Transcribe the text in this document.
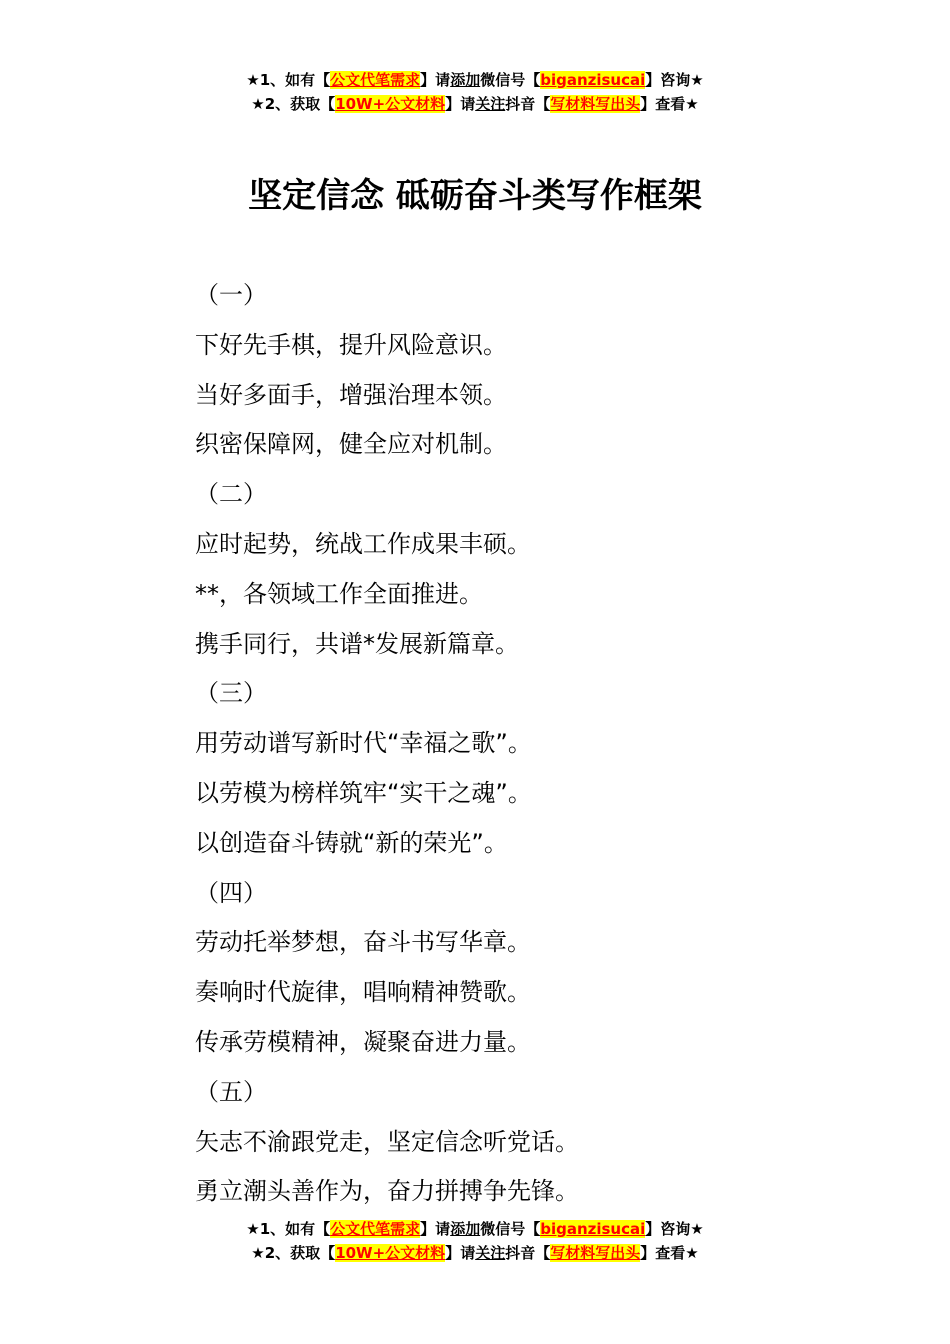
★1、如有【公文代笔需求】请添加微信号【biganzisucai】咨询★
★2、获取【10W+公文材料】请关注抖音【写材料写出头】查看★
坚定信念 砥砺奋斗类写作框架
（一）
下好先手棋，提升风险意识。
当好多面手，增强治理本领。
织密保障网，健全应对机制。
（二）
应时起势，统战工作成果丰硕。
**，各领域工作全面推进。
携手同行，共谱*发展新篇章。
（三）
用劳动谱写新时代“幸福之歌”。
以劳模为榜样筑牢“实干之魂”。
以创造奋斗铸就“新的荣光”。
（四）
劳动托举梦想，奋斗书写华章。
奏响时代旋律，唱响精神赞歌。
传承劳模精神，凝聚奋进力量。
（五）
矢志不渝跟党走，坚定信念听党话。
勇立潮头善作为，奋力拼搏争先锋。
★1、如有【公文代笔需求】请添加微信号【biganzisucai】咨询★
★2、获取【10W+公文材料】请关注抖音【写材料写出头】查看★
